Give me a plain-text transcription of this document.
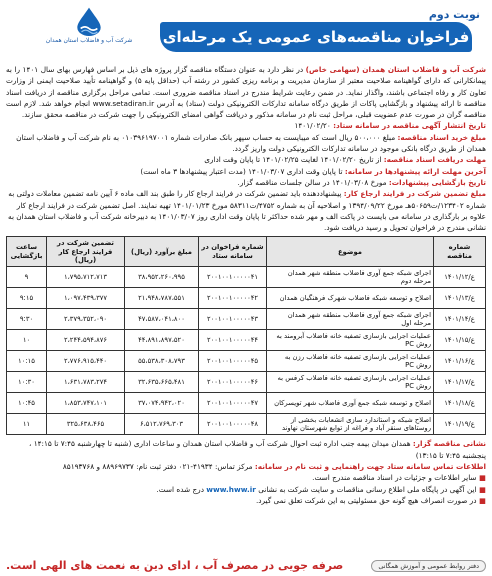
نوبت دوم
شرکت آب و فاضلاب استان همدان فراخوان مناقصه‌های عمومی یک مرحله‌ای
شرکت آب و فاضلاب استان همدان (سهامی خاص) در نظر دارد به عنوان دستگاه مناقصه گزار پروژه های ذیل بر اساس فهارس بهای سال ۱۴۰۱ را به پیمانکارانی که دارای گواهینامه صلاحیت معتبر از سازمان مدیریت و برنامه ریزی کشور در رشته آب (حداقل پایه ۵) و گواهینامه تأیید صلاحیت ایمنی از وزارت تعاون کار و رفاه اجتماعی باشند، واگذار نماید. در ضمن رعایت شرایط مندرج در اسناد مناقصه ضروری است. تمامی مراحل برگزاری مناقصه از دریافت اسناد مناقصه تا ارائه پیشنهاد و بازگشایی پاکات از طریق درگاه سامانه تدارکات الکترونیکی دولت (ستاد) به آدرس www.setadiran.ir انجام خواهد شد. لازم است مناقصه گران در صورت عدم عضویت قبلی، مراحل ثبت نام در سامانه مذکور و دریافت گواهی امضای الکترونیکی را جهت شرکت در مناقصه محقق سازند.
تاریخ انتشار آگهی مناقصه در سامانه ستاد: ۱۴۰۱/۰۲/۲۰
مبلغ خرید اسناد مناقصه: مبلغ ۵۰۰،۰۰۰ ریال است که میبایست به حساب سپهر بانک صادرات شماره ۰۱۰۳۹۶۱۹۷۰۰۱ به نام شرکت آب و فاضلاب استان همدان از طریق درگاه بانکی موجود در سامانه تدارکات الکترونیکی دولت واریز گردد.
مهلت دریافت اسناد مناقصه: از تاریخ ۱۴۰۱/۰۲/۲۰ لغایت ۱۴۰۱/۰۲/۲۵ تا پایان وقت اداری
آخرین مهلت ارائه پیشنهادها در سامانه: تا پایان وقت اداری ۱۴۰۱/۰۳/۰۷ (مدت اعتبار پیشنهادها ۳ ماه است)
تاریخ بازگشایی پیشنهادات: مورخ ۱۴۰۱/۰۳/۰۸ در سالن جلسات مناقصه گزار.
مبلغ تضمین شرکت در فرایند ارجاع کار: پیشنهاددهنده باید تضمین شرکت در فرایند ارجاع کار را طبق بند الف ماده ۶ آیین نامه تضمین معاملات دولتی به شماره ۱۲۳۴۰۲/ت۵۰۶۵۹هـ مورخ ۱۳۹۴/۰۹/۲۲ و اصلاحیه آن به شماره ۴۷۵۲/ت۵۸۳۱۱ مورخ ۱۴۰۱/۰۱/۲۳ تهیه نمایند. اصل تضمین شرکت در فرایند ارجاع کار علاوه بر بارگذاری در سامانه می بایست در پاکت الف و مهر شده حداکثر تا پایان وقت اداری روز ۱۴۰۱/۰۳/۰۷ به دبیرخانه شرکت آب و فاضلاب استان همدان به نشانی مندرج در فراخوان تحویل و رسید دریافت شود.
شماره مناقصه	موضوع	شماره فراخوان در سامانه ستاد	مبلغ برآورد (ریال)	تضمین شرکت در فرایند ارجاع کار (ریال)	ساعت بازگشایی
ع/۱۴۰۱/۱۲	اجرای شبکه جمع آوری فاضلاب منطقه شهر همدان مرحله دوم	۲۰۰۱۰۰۱۰۰۰۰۰۴۱	۳۸،۹۵۲،۲۶۰،۹۹۵	۱،۷۹۵،۷۱۲،۷۱۳	۹
ع/۱۴۰۱/۱۳	اصلاح و توسعه شبکه فاضلاب شهرک فرهنگیان همدان	۲۰۰۱۰۰۱۰۰۰۰۰۴۲	۲۱،۹۴۸،۷۸۷،۵۵۱	۱،۰۹۷،۴۳۹،۳۷۷	۹:۱۵
ع/۱۴۰۱/۱۴	اجرای شبکه جمع آوری فاضلاب منطقه شهر همدان مرحله اول	۲۰۰۱۰۰۱۰۰۰۰۰۴۳	۴۷،۵۸۷،۰۴۱،۸۰۰	۲،۳۷۹،۳۵۲،۰۹۰	۹:۳۰
ع/۱۴۰۱/۱۵	عملیات اجرایی بازسازی تصفیه خانه فاضلاب آبرومند به روش PC	۲۰۰۱۰۰۱۰۰۰۰۰۴۴	۴۴،۸۹۱،۸۹۷،۵۲۰	۲،۲۴۴،۵۹۴،۸۷۶	۱۰
ع/۱۴۰۱/۱۶	عملیات اجرایی بازسازی تصفیه خانه فاضلاب رزن به روش PC	۲۰۰۱۰۰۱۰۰۰۰۰۴۵	۵۵،۵۳۸،۳۰۸،۷۹۳	۲،۷۷۶،۹۱۵،۴۴۰	۱۰:۱۵
ع/۱۴۰۱/۱۷	عملیات اجرایی بازسازی تصفیه خانه فاضلاب کرفس به روش PC	۲۰۰۱۰۰۱۰۰۰۰۰۴۶	۳۲،۶۳۵،۶۶۵،۴۸۱	۱،۶۳۱،۷۸۳،۲۷۴	۱۰:۳۰
ع/۱۴۰۱/۱۸	اصلاح و توسعه شبکه جمع آوری فاضلاب شهر تویسرکان	۲۰۰۱۰۰۱۰۰۰۰۰۴۷	۳۷،۰۷۴،۹۴۲،۰۲۰	۱،۸۵۳،۷۴۷،۱۰۱	۱۰:۴۵
ع/۱۴۰۱/۱۹	اصلاح شبکه و استاندارد سازی انشعابات بخشی از روستاهای سنقر آباد و فراغه از توابع شهرستان نهاوند	۲۰۰۱۰۰۱۰۰۰۰۰۴۸	۶،۵۱۲،۷۶۹،۳۰۳	۳۲۵،۶۳۸،۴۶۵	۱۱
نشانی مناقصه گزار: همدان میدان بیمه جنب اداره ثبت احوال شرکت آب و فاضلاب استان همدان و ساعات اداری (شنبه تا چهارشنبه ۷:۴۵ تا ۱۴:۱۵ ، پنجشنبه ۷:۴۵ تا ۱۳:۱۵)
اطلاعات تماس سامانه ستاد جهت راهنمایی و ثبت نام در سامانه: مرکز تماس: ۴۱۹۳۴-۰۲۱ دفتر ثبت نام: ۸۸۹۶۹۷۳۷ و ۸۵۱۹۳۷۶۸
■ سایر اطلاعات و جزئیات در اسناد مناقصه مندرج است.
■ این آگهی در پایگاه ملی اطلاع رسانی مناقصات و سایت شرکت به نشانی www.hww.ir درج شده است.
■ در صورت انصراف هیچ گونه حق مسئولیتی به این شرکت تعلق نمی گیرد.
دفتر روابط عمومی و آموزش همگانی
صرفه جویی در مصرف آب ، ادای دین به نعمت های الهی است.
